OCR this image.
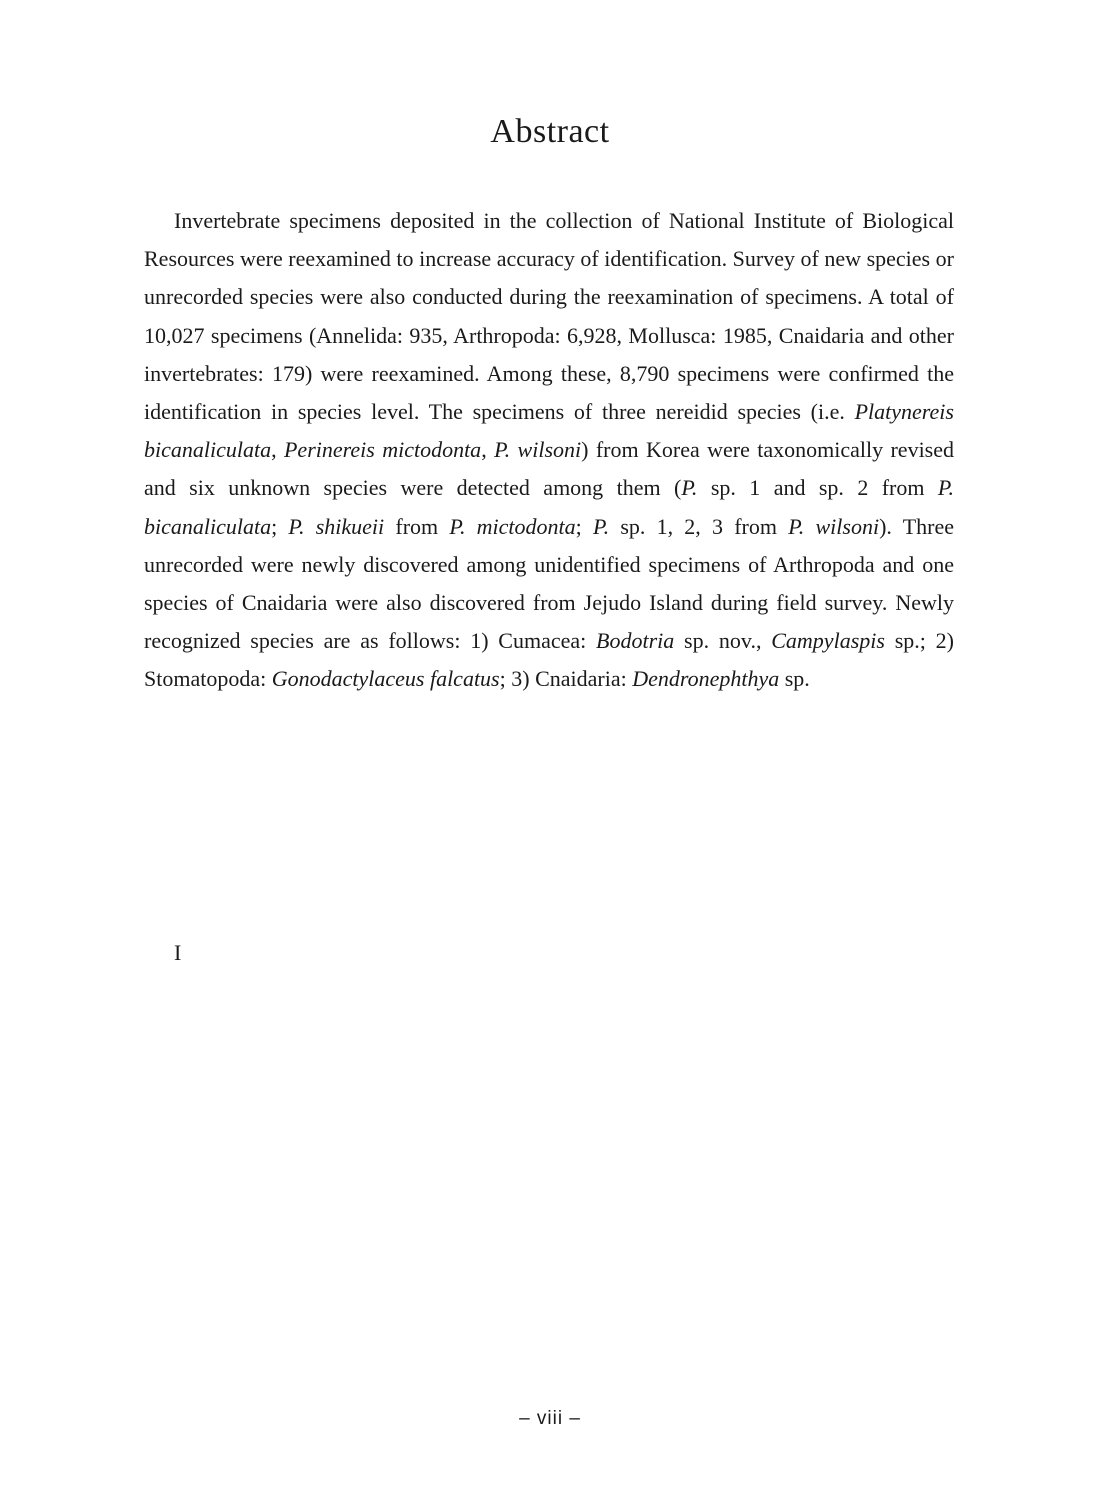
Abstract

Invertebrate specimens deposited in the collection of National Institute of Biological Resources were reexamined to increase accuracy of identification. Survey of new species or unrecorded species were also conducted during the reexamination of specimens. A total of 10,027 specimens (Annelida: 935, Arthropoda: 6,928, Mollusca: 1985, Cnaidaria and other invertebrates: 179) were reexamined. Among these, 8,790 specimens were confirmed the identification in species level. The specimens of three nereidid species (i.e. Platynereis bicanaliculata, Perinereis mictodonta, P. wilsoni) from Korea were taxonomically revised and six unknown species were detected among them (P. sp. 1 and sp. 2 from P. bicanaliculata; P. shikueii from P. mictodonta; P. sp. 1, 2, 3 from P. wilsoni). Three unrecorded were newly discovered among unidentified specimens of Arthropoda and one species of Cnaidaria were also discovered from Jejudo Island during field survey. Newly recognized species are as follows: 1) Cumacea: Bodotria sp. nov., Campylaspis sp.; 2) Stomatopoda: Gonodactylaceus falcatus; 3) Cnaidaria: Dendronephthya sp.

I
– viii –
